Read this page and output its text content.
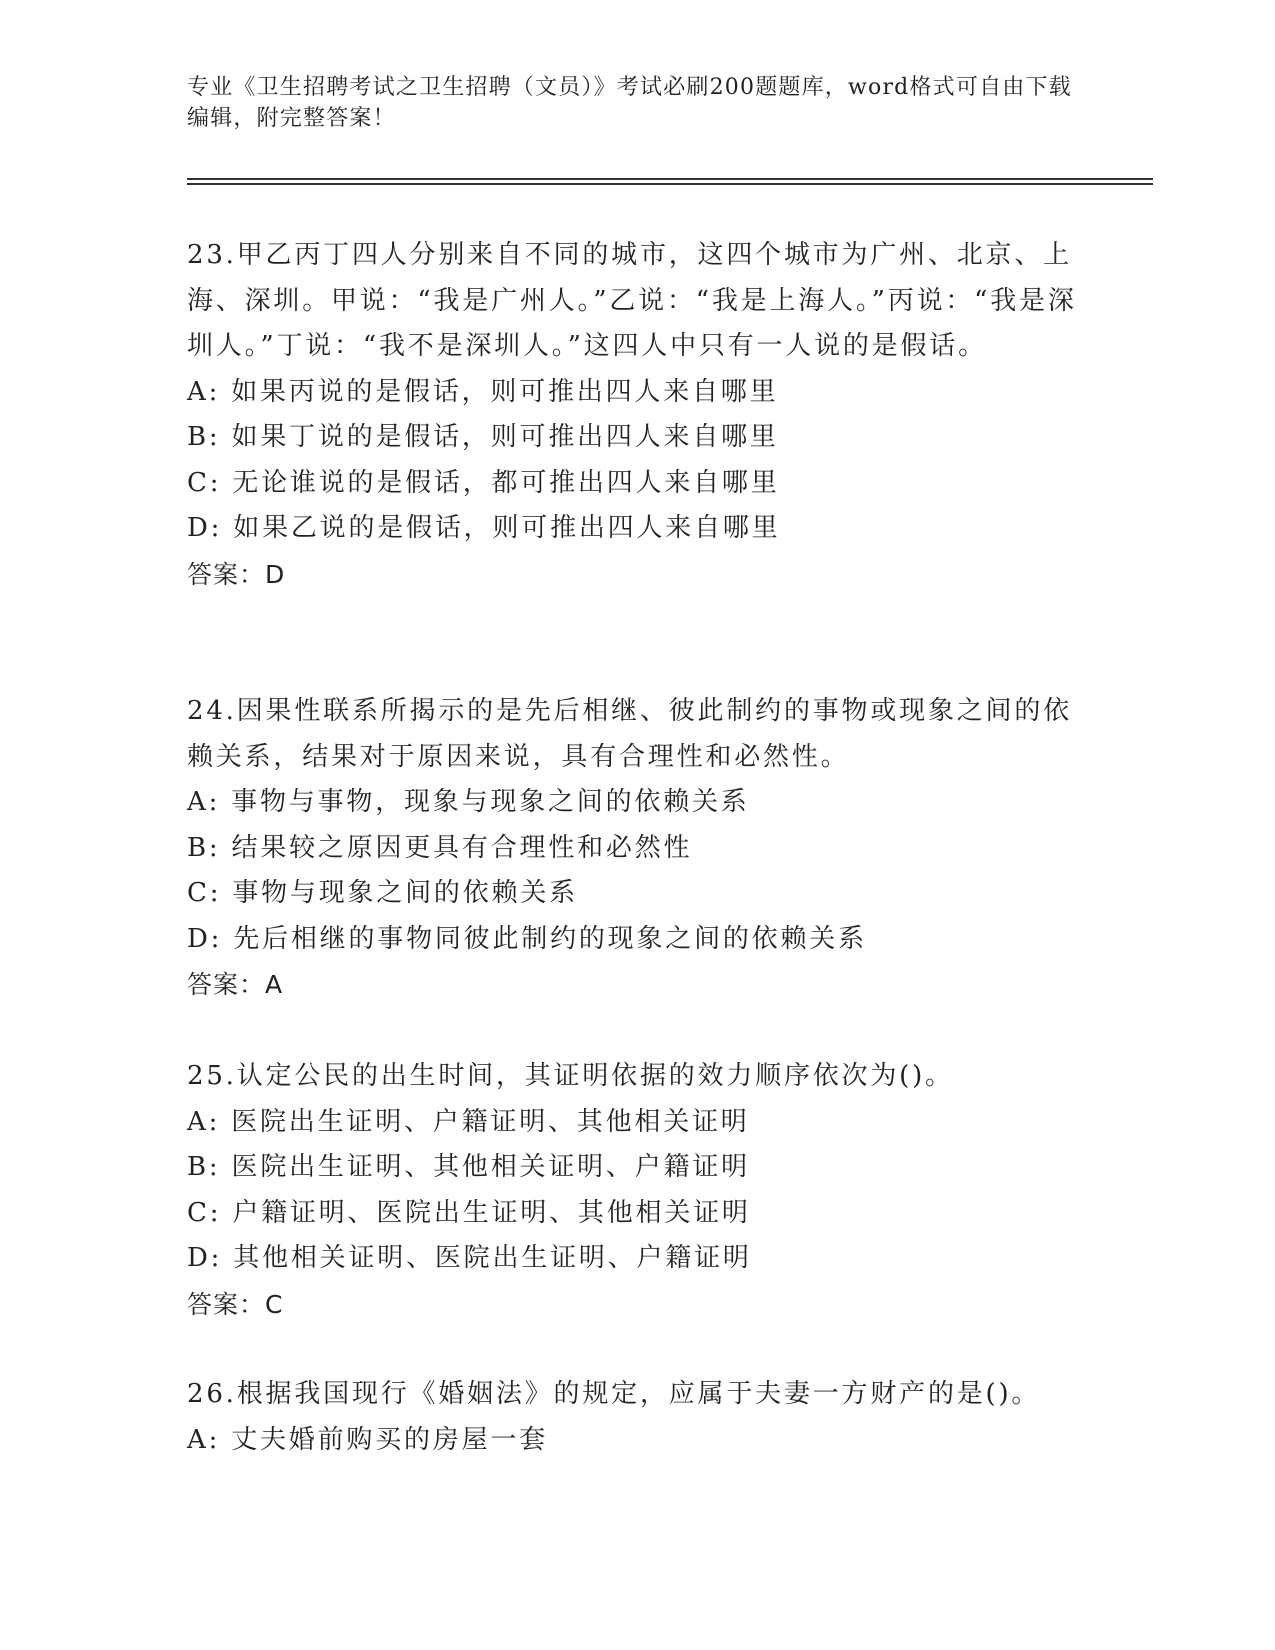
专业《卫生招聘考试之卫生招聘（文员）》考试必刷200题题库，word格式可自由下载编辑，附完整答案！
23.甲乙丙丁四人分别来自不同的城市，这四个城市为广州、北京、上海、深圳。甲说：“我是广州人。”乙说：“我是上海人。”丙说：“我是深圳人。”丁说：“我不是深圳人。”这四人中只有一人说的是假话。
A: 如果丙说的是假话，则可推出四人来自哪里
B: 如果丁说的是假话，则可推出四人来自哪里
C: 无论谁说的是假话，都可推出四人来自哪里
D: 如果乙说的是假话，则可推出四人来自哪里
答案：D
24.因果性联系所揭示的是先后相继、彼此制约的事物或现象之间的依赖关系，结果对于原因来说，具有合理性和必然性。
A: 事物与事物，现象与现象之间的依赖关系
B: 结果较之原因更具有合理性和必然性
C: 事物与现象之间的依赖关系
D: 先后相继的事物同彼此制约的现象之间的依赖关系
答案：A
25.认定公民的出生时间，其证明依据的效力顺序依次为()。
A: 医院出生证明、户籍证明、其他相关证明
B: 医院出生证明、其他相关证明、户籍证明
C: 户籍证明、医院出生证明、其他相关证明
D: 其他相关证明、医院出生证明、户籍证明
答案：C
26.根据我国现行《婚姻法》的规定，应属于夫妻一方财产的是()。
A: 丈夫婚前购买的房屋一套
